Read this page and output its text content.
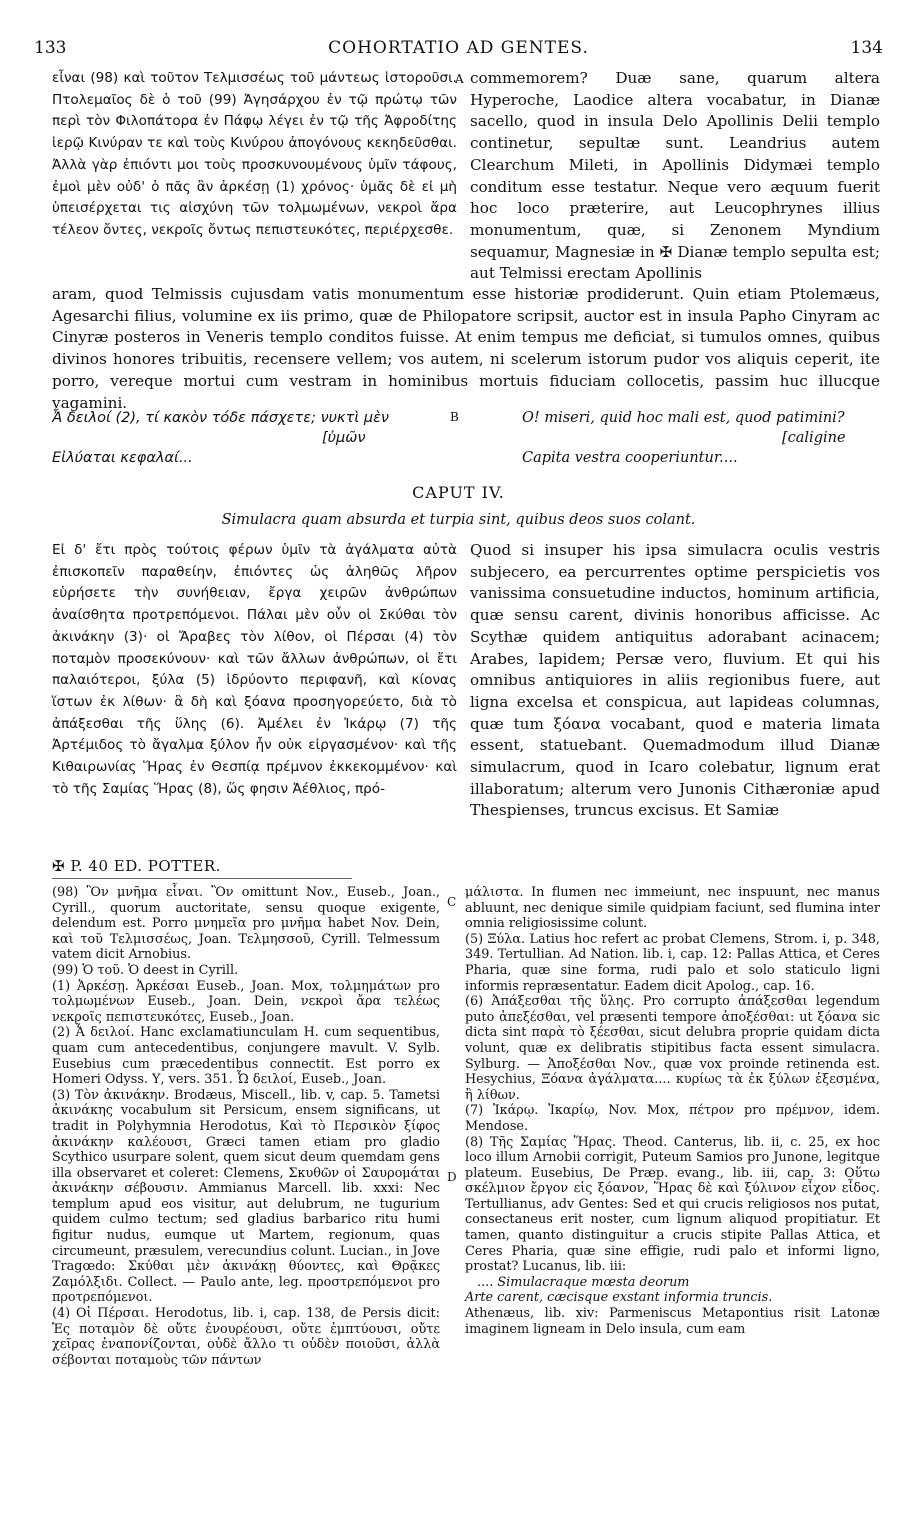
133	COHORTATIO AD GENTES.	134

εἶναι (98) καὶ τοῦτον Τελμισσέως τοῦ μάντεως ἱστοροῦσι. Πτολεμαῖος δὲ ὁ τοῦ (99) Ἀγησάρχου ἐν τῷ πρώτῳ τῶν περὶ τὸν Φιλοπάτορα ἐν Πάφῳ λέγει ἐν τῷ τῆς Ἀφροδίτης ἱερῷ Κινύραν τε καὶ τοὺς Κινύρου ἀπογόνους κεκηδεῦσθαι. Ἀλλὰ γὰρ ἐπιόντι μοι τοὺς προσκυνουμένους ὑμῖν τάφους, ἐμοὶ μὲν οὐδ' ὁ πᾶς ἂν ἀρκέσῃ (1) χρόνος· ὑμᾶς δὲ εἰ μὴ ὑπεισέρχεται τις αἰσχύνη τῶν τολμωμένων, νεκροὶ ἄρα τέλεον ὄντες, νεκροῖς ὄντως πεπιστευκότες, περιέρχεσθε.

A commemorem? Duæ sane, quarum altera Hyperoche, Laodice altera vocabatur, in Dianæ sacello, quod in insula Delo Apollinis Delii templo continetur, sepultæ sunt. Leandrius autem Clearchum Mileti, in Apollinis Didymæi templo conditum esse testatur. Neque vero æquum fuerit hoc loco præterire, aut Leucophrynes illius monumentum, quæ, si Zenonem Myndium sequamur, Magnesiæ in ✠ Dianæ templo sepulta est; aut Telmissi erectam Apollinis

aram, quod Telmissis cujusdam vatis monumentum esse historiæ prodiderunt. Quin etiam Ptolemæus, Agesarchi filius, volumine ex iis primo, quæ de Philopatore scripsit, auctor est in insula Papho Cinyram ac Cinyræ posteros in Veneris templo conditos fuisse. At enim tempus me deficiat, si tumulos omnes, quibus divinos honores tribuitis, recensere vellem; vos autem, ni scelerum istorum pudor vos aliquis ceperit, ite porro, vereque mortui cum vestram in hominibus mortuis fiduciam collocetis, passim huc illucque vagamini.

Ἆ δειλοί (2), τί κακὸν τόδε πάσχετε; νυκτὶ μὲν
[ὑμῶν
Εἰλύαται κεφαλαί...
B	O! miseri, quid hoc mali est, quod patimini?
[caligine
Capita vestra cooperiuntur....
CAPUT IV.
Simulacra quam absurda et turpia sint, quibus deos suos colant.

Εἰ δ' ἔτι πρὸς τούτοις φέρων ὑμῖν τὰ ἀγάλματα αὐτὰ ἐπισκοπεῖν παραθείην, ἐπιόντες ὡς ἀληθῶς λῆρον εὑρήσετε τὴν συνήθειαν, ἔργα χειρῶν ἀνθρώπων ἀναίσθητα προτρεπόμενοι. Πάλαι μὲν οὖν οἱ Σκύθαι τὸν ἀκινάκην (3)· οἱ Ἄραβες τὸν λίθον, οἱ Πέρσαι (4) τὸν ποταμὸν προσεκύνουν· καὶ τῶν ἄλλων ἀνθρώπων, οἱ ἔτι παλαιότεροι, ξύλα (5) ἱδρύοντο περιφανῆ, καὶ κίονας ἵστων ἐκ λίθων· ἃ δὴ καὶ ξόανα προσηγορεύετο, διὰ τὸ ἀπάξεσθαι τῆς ὕλης (6). Ἀμέλει ἐν Ἰκάρῳ (7) τῆς Ἀρτέμιδος τὸ ἄγαλμα ξύλον ἦν οὐκ εἰργασμένον· καὶ τῆς Κιθαιρωνίας Ἥρας ἐν Θεσπίᾳ πρέμνον ἐκκεκομμένον· καὶ τὸ τῆς Σαμίας Ἥρας (8), ὥς φησιν Ἀέθλιος, πρό-

Quod si insuper his ipsa simulacra oculis vestris subjecero, ea percurrentes optime perspicietis vos vanissima consuetudine inductos, hominum artificia, quæ sensu carent, divinis honoribus afficisse. Ac Scythæ quidem antiquitus adorabant acinacem; Arabes, lapidem; Persæ vero, fluvium. Et qui his omnibus antiquiores in aliis regionibus fuere, aut ligna excelsa et conspicua, aut lapideas columnas, quæ tum ξόανα vocabant, quod e materia limata essent, statuebant. Quemadmodum illud Dianæ simulacrum, quod in Icaro colebatur, lignum erat illaboratum; alterum vero Junonis Cithæroniæ apud Thespienses, truncus excisus. Et Samiæ

✠ P. 40 ED. POTTER.
C
D

(98) Ὃν μνῆμα εἶναι. Ὃν omittunt Nov., Euseb., Joan., Cyrill., quorum auctoritate, sensu quoque exigente, delendum est. Porro μνημεῖα pro μνῆμα habet Nov. Dein, καὶ τοῦ Τελμισσέως, Joan. Τελμησσοῦ, Cyrill. Telmessum vatem dicit Arnobius.

(99) Ὁ τοῦ. Ὁ deest in Cyrill.

(1) Ἀρκέσῃ. Ἀρκέσαι Euseb., Joan. Mox, τολμημάτων pro τολμωμένων Euseb., Joan. Dein, νεκροὶ ἄρα τελέως νεκροῖς πεπιστευκότες, Euseb., Joan.

(2) Ἆ δειλοί. Hanc exclamatiunculam H. cum sequentibus, quam cum antecedentibus, conjungere mavult. V. Sylb. Eusebius cum præcedentibus connectit. Est porro ex Homeri Odyss. Υ, vers. 351. Ὦ δειλοί, Euseb., Joan.

(3) Τὸν ἀκινάκην. Brodæus, Miscell., lib. v, cap. 5. Tametsi ἀκινάκης vocabulum sit Persicum, ensem significans, ut tradit in Polyhymnia Herodotus, Καὶ τὸ Περσικὸν ξίφος ἀκινάκην καλέουσι, Græci tamen etiam pro gladio Scythico usurpare solent, quem sicut deum quemdam gens illa observaret et coleret: Clemens, Σκυθῶν οἱ Σαυρομάται ἀκινάκην σέβουσιν. Ammianus Marcell. lib. xxxi: Nec templum apud eos visitur, aut delubrum, ne tugurium quidem culmo tectum; sed gladius barbarico ritu humi figitur nudus, eumque ut Martem, regionum, quas circumeunt, præsulem, verecundius colunt. Lucian., in Jove Tragœdo: Σκύθαι μὲν ἀκινάκῃ θύοντες, καὶ Θρᾷκες Ζαμόλξιδι. Collect. — Paulo ante, leg. προστρεπόμενοι pro προτρεπόμενοι.

(4) Οἱ Πέρσαι. Herodotus, lib. i, cap. 138, de Persis dicit: Ἐς ποταμὸν δὲ οὔτε ἐνουρέουσι, οὔτε ἐμπτύουσι, οὔτε χεῖρας ἐναπονίζονται, οὐδὲ ἄλλο τι οὐδὲν ποιοῦσι, ἀλλὰ σέβονται ποταμοὺς τῶν πάντων

μάλιστα. In flumen nec immeiunt, nec inspuunt, nec manus abluunt, nec denique simile quidpiam faciunt, sed flumina inter omnia religiosissime colunt.

(5) Ξύλα. Latius hoc refert ac probat Clemens, Strom. i, p. 348, 349. Tertullian. Ad Nation. lib. i, cap. 12: Pallas Attica, et Ceres Pharia, quæ sine forma, rudi palo et solo staticulo ligni informis repræsentatur. Eadem dicit Apolog., cap. 16.

(6) Ἀπάξεσθαι τῆς ὕλης. Pro corrupto ἀπάξεσθαι legendum puto ἀπεξέσθαι, vel præsenti tempore ἀποξέσθαι: ut ξόανα sic dicta sint παρὰ τὸ ξέεσθαι, sicut delubra proprie quidam dicta volunt, quæ ex delibratis stipitibus facta essent simulacra. Sylburg. — Ἀποξέσθαι Nov., quæ vox proinde retinenda est. Hesychius, Ξόανα ἀγάλματα.... κυρίως τὰ ἐκ ξύλων ἐξεσμένα, ἢ λίθων.

(7) Ἰκάρῳ. Ἰκαρίῳ, Nov. Mox, πέτρον pro πρέμνον, idem. Mendose.

(8) Τῆς Σαμίας Ἥρας. Theod. Canterus, lib. ii, c. 25, ex hoc loco illum Arnobii corrigit, Puteum Samios pro Junone, legitque plateum. Eusebius, De Præp. evang., lib. iii, cap. 3: Οὕτω σκέλμιον ἔργον εἰς ξόανον, Ἥρας δὲ καὶ ξύλινον εἶχον εἶδος. Tertullianus, adv Gentes: Sed et qui crucis religiosos nos putat, consectaneus erit noster, cum lignum aliquod propitiatur. Et tamen, quanto distinguitur a crucis stipite Pallas Attica, et Ceres Pharia, quæ sine effigie, rudi palo et informi ligno, prostat? Lucanus, lib. iii:

.... Simulacraque mœsta deorum

Arte carent, cæcisque exstant informia truncis.

Athenæus, lib. xiv: Parmeniscus Metapontius risit Latonæ imaginem ligneam in Delo insula, cum eam
